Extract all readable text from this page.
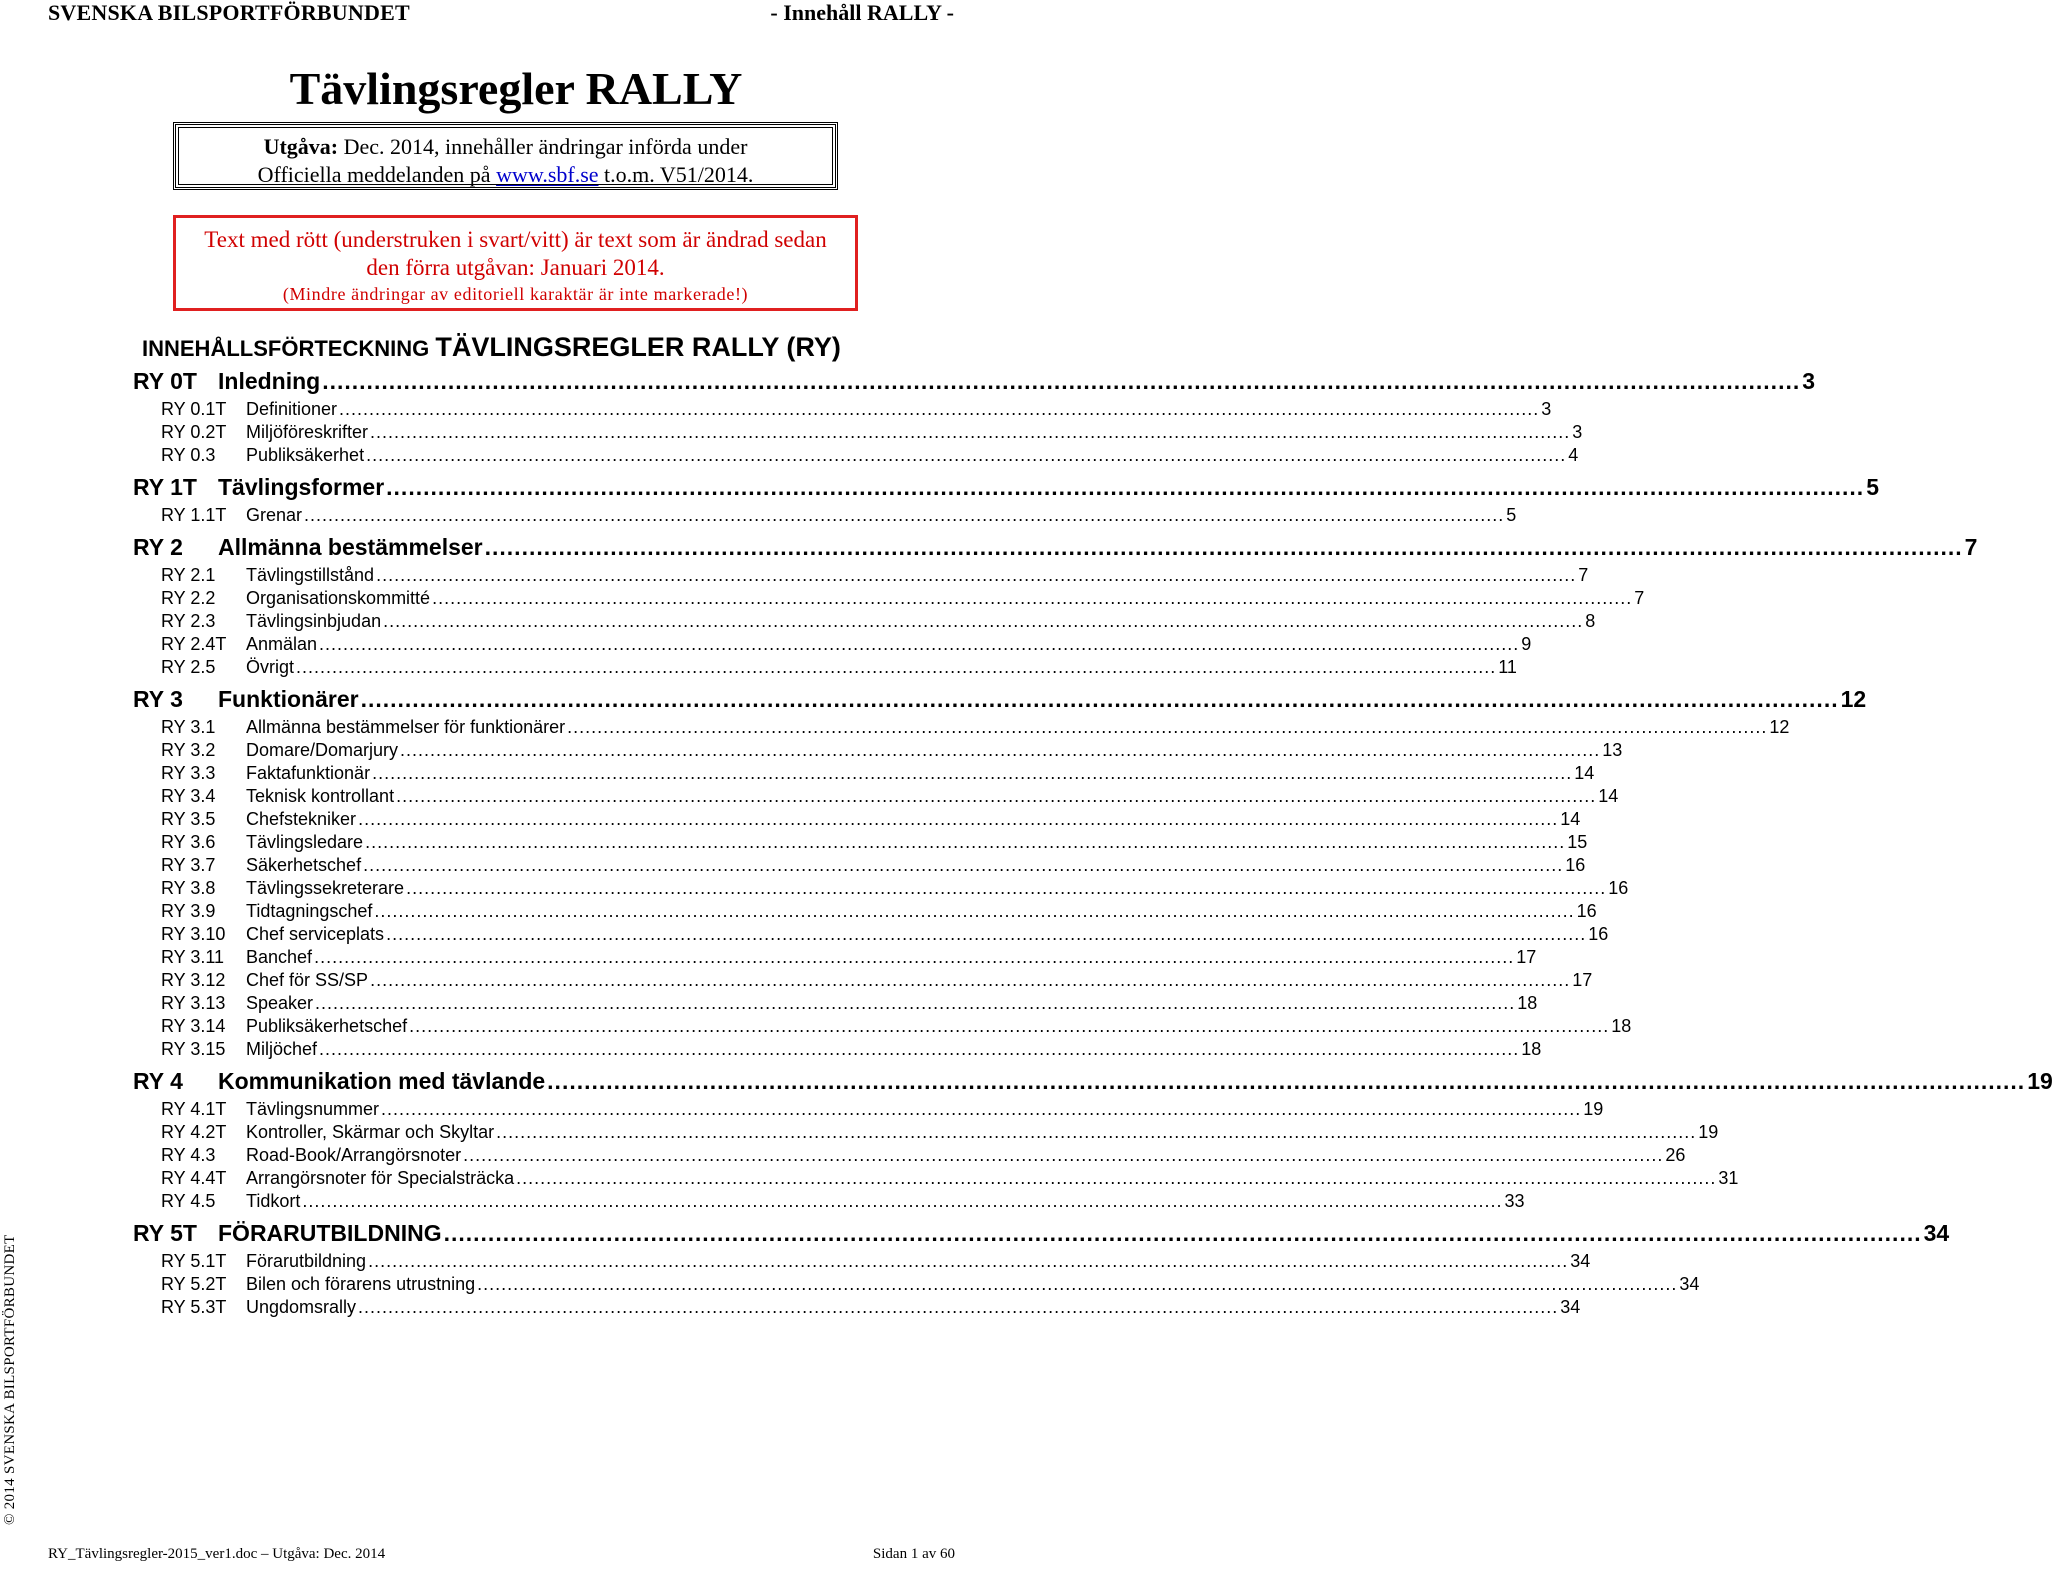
SVENSKA BILSPORTFÖRBUNDET	- Innehåll RALLY -
Tävlingsregler RALLY
Utgåva: Dec. 2014, innehåller ändringar införda under
Officiella meddelanden på www.sbf.se t.o.m. V51/2014.
Text med rött (understruken i svart/vitt) är text som är ändrad sedan
den förra utgåvan: Januari 2014.
(Mindre ändringar av editoriell karaktär är inte markerade!)
INNEHÅLLSFÖRTECKNING TÄVLINGSREGLER RALLY (RY)
RY 0T Inledning ........................................................................................................................................................................................................ 3
RY 0.1T	Definitioner ........................................................................................................................................................................................................ 3
RY 0.2T	Miljöföreskrifter ........................................................................................................................................................................................................ 3
RY 0.3	Publiksäkerhet ........................................................................................................................................................................................................ 4
RY 1T Tävlingsformer ........................................................................................................................................................................................................ 5
RY 1.1T	Grenar ........................................................................................................................................................................................................ 5
RY 2	Allmänna bestämmelser ........................................................................................................................................................................................................ 7
RY 2.1	Tävlingstillstånd ........................................................................................................................................................................................................ 7
RY 2.2	Organisationskommitté ........................................................................................................................................................................................................ 7
RY 2.3	Tävlingsinbjudan ........................................................................................................................................................................................................ 8
RY 2.4T	Anmälan ........................................................................................................................................................................................................ 9
RY 2.5	Övrigt ........................................................................................................................................................................................................ 11
RY 3	Funktionärer ........................................................................................................................................................................................................ 12
RY 3.1	Allmänna bestämmelser för funktionärer ........................................................................................................................................................................................................ 12
RY 3.2	Domare/Domarjury ........................................................................................................................................................................................................ 13
RY 3.3	Faktafunktionär ........................................................................................................................................................................................................ 14
RY 3.4	Teknisk kontrollant ........................................................................................................................................................................................................ 14
RY 3.5	Chefstekniker ........................................................................................................................................................................................................ 14
RY 3.6	Tävlingsledare ........................................................................................................................................................................................................ 15
RY 3.7	Säkerhetschef ........................................................................................................................................................................................................ 16
RY 3.8	Tävlingssekreterare ........................................................................................................................................................................................................ 16
RY 3.9	Tidtagningschef ........................................................................................................................................................................................................ 16
RY 3.10	Chef serviceplats ........................................................................................................................................................................................................ 16
RY 3.11	Banchef ........................................................................................................................................................................................................ 17
RY 3.12	Chef för SS/SP ........................................................................................................................................................................................................ 17
RY 3.13	Speaker ........................................................................................................................................................................................................ 18
RY 3.14	Publiksäkerhetschef ........................................................................................................................................................................................................ 18
RY 3.15	Miljöchef ........................................................................................................................................................................................................ 18
RY 4	Kommunikation med tävlande ........................................................................................................................................................................................................ 19
RY 4.1T	Tävlingsnummer ........................................................................................................................................................................................................ 19
RY 4.2T	Kontroller, Skärmar och Skyltar ........................................................................................................................................................................................................ 19
RY 4.3	Road-Book/Arrangörsnoter ........................................................................................................................................................................................................ 26
RY 4.4T	Arrangörsnoter för Specialsträcka ........................................................................................................................................................................................................ 31
RY 4.5	Tidkort ........................................................................................................................................................................................................ 33
RY 5T FÖRARUTBILDNING ........................................................................................................................................................................................................ 34
RY 5.1T	Förarutbildning ........................................................................................................................................................................................................ 34
RY 5.2T	Bilen och förarens utrustning ........................................................................................................................................................................................................ 34
RY 5.3T	Ungdomsrally ........................................................................................................................................................................................................ 34
© 2014 SVENSKA BILSPORTFÖRBUNDET
RY_Tävlingsregler-2015_ver1.doc – Utgåva: Dec. 2014	Sidan 1 av 60
